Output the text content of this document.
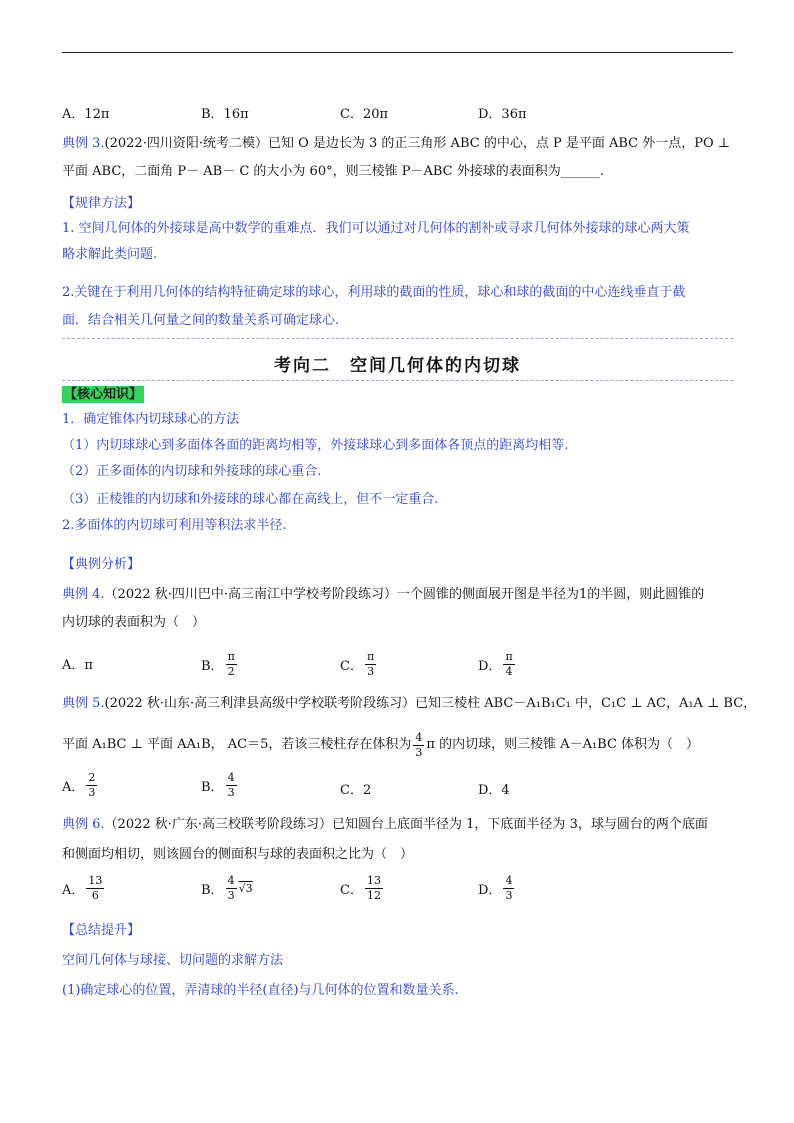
A．12π	B．16π	C．20π	D．36π
典例 3.(2022·四川资阳·统考二模）已知 O 是边长为 3 的正三角形 ABC 的中心，点 P 是平面 ABC 外一点，PO ⊥
平面 ABC，二面角 P－ AB－ C 的大小为 60°，则三棱锥 P－ABC 外接球的表面积为______.
【规律方法】
1. 空间几何体的外接球是高中数学的重难点．我们可以通过对几何体的割补或寻求几何体外接球的球心两大策
略求解此类问题.
2.关键在于利用几何体的结构特征确定球的球心，利用球的截面的性质，球心和球的截面的中心连线垂直于截
面．结合相关几何量之间的数量关系可确定球心.
考向二　空间几何体的内切球
【核心知识】
1．确定锥体内切球球心的方法
（1）内切球球心到多面体各面的距离均相等，外接球球心到多面体各顶点的距离均相等.
（2）正多面体的内切球和外接球的球心重合.
（3）正棱锥的内切球和外接球的球心都在高线上，但不一定重合.
2.多面体的内切球可利用等积法求半径.
【典例分析】
典例 4.（2022 秋·四川巴中·高三南江中学校考阶段练习）一个圆锥的侧面展开图是半径为1的半圆，则此圆锥的
内切球的表面积为（　）
A．π	B． $\frac{\pi}{2}$	C． $\frac{\pi}{3}$	D． $\frac{\pi}{4}$
典例 5.(2022 秋·山东·高三利津县高级中学校联考阶段练习）已知三棱柱 ABC－A₁B₁C₁ 中，C₁C ⊥ AC，A₁A ⊥ BC，
平面 A₁BC ⊥ 平面 AA₁B， AC＝5，若该三棱柱存在体积为 $\frac{4}{3}$ π 的内切球，则三棱锥 A－A₁BC 体积为（　）
A． $\frac{2}{3}$	B． $\frac{4}{3}$	C．2	D．4
典例 6.（2022 秋·广东·高三校联考阶段练习）已知圆台上底面半径为 1，下底面半径为 3，球与圆台的两个底面
和侧面均相切，则该圆台的侧面积与球的表面积之比为（　）
A． $\frac{13}{6}$	B． $\frac{4}{3} √3$	C． $\frac{13}{12}$	D． $\frac{4}{3}$
【总结提升】
空间几何体与球接、切问题的求解方法
(1)确定球心的位置，弄清球的半径(直径)与几何体的位置和数量关系.
